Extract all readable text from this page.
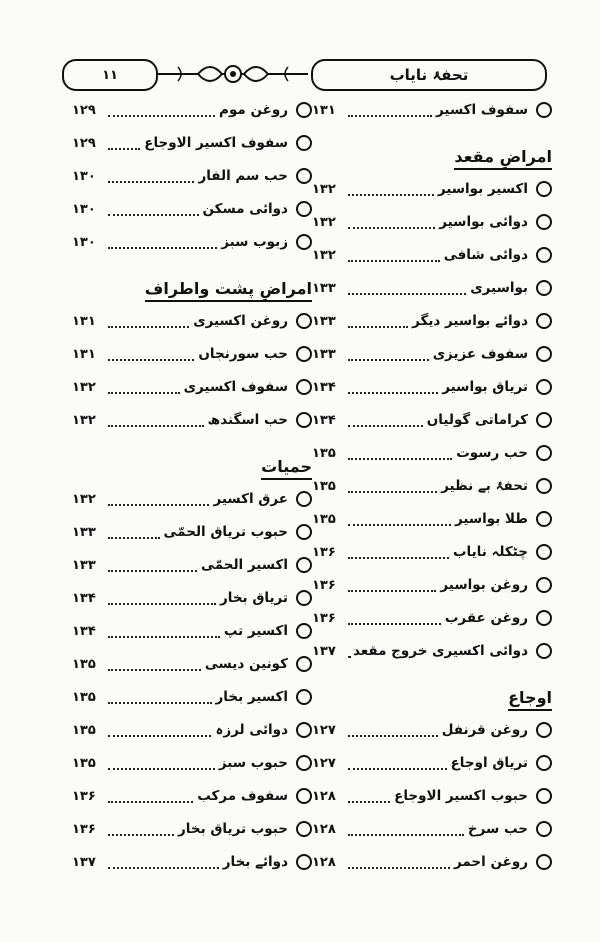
۱۱	تحفۂ نایاب
سفوف اکسیر
۱۳۱
امراضِ مقعد
اکسیر بواسیر
۱۳۲
دوائی بواسیر
۱۳۲
دوائی شافی
۱۳۲
بواسیری
۱۳۳
دوائے بواسیر دیگر
۱۳۳
سفوف عزیزی
۱۳۳
تریاق بواسیر
۱۳۴
کراماتی گولیاں
۱۳۴
حب رسوت
۱۳۵
تحفۂ بے نظیر
۱۳۵
طلا بواسیر
۱۳۵
چٹکلہ نایاب
۱۳۶
روغن بواسیر
۱۳۶
روغن عقرب
۱۳۶
دوائی اکسیری خروج مقعد
۱۳۷
اوجاع
روغن قرنفل
۱۲۷
تریاق اوجاع
۱۲۷
حبوب اکسیر الاوجاع
۱۲۸
حب سرخ
۱۲۸
روغن احمر
۱۲۸
روغن موم
۱۲۹
سفوف اکسیر الاوجاع
۱۲۹
حب سم الفار
۱۳۰
دوائی مسکن
۱۳۰
زبوب سبز
۱۳۰
امراضِ پشت واطراف
روغن اکسیری
۱۳۱
حب سورنجاں
۱۳۱
سفوف اکسیری
۱۳۲
حب اسگندھ
۱۳۲
حمیات
عرق اکسیر
۱۳۲
حبوب تریاق الحمّی
۱۳۳
اکسیر الحمّی
۱۳۳
تریاق بخار
۱۳۴
اکسیر تپ
۱۳۴
کونین دیسی
۱۳۵
اکسیر بخار
۱۳۵
دوائی لرزہ
۱۳۵
حبوب سبز
۱۳۵
سفوف مرکب
۱۳۶
حبوب تریاق بخار
۱۳۶
دوائے بخار
۱۳۷
